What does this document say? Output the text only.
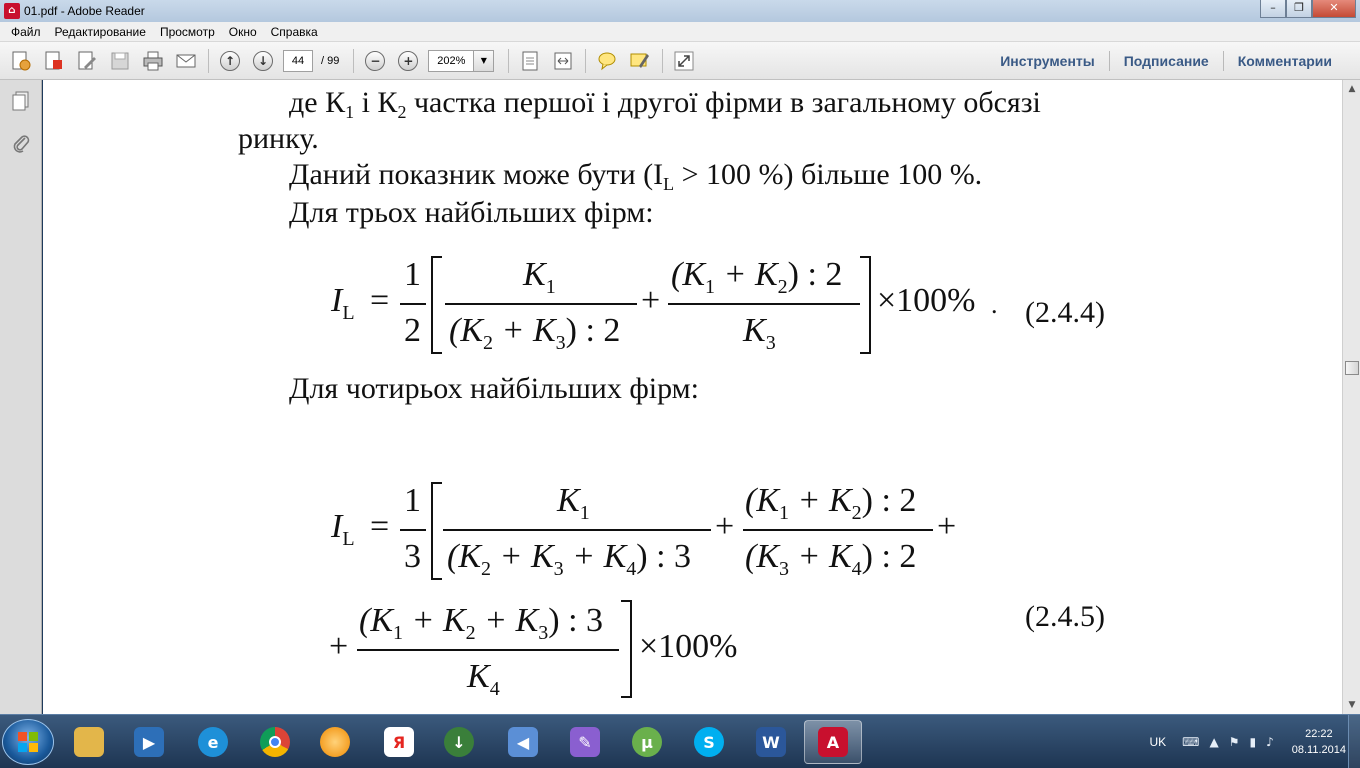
⌂ 01.pdf - Adobe Reader	–	❐	✕
Файл	Редактирование	Просмотр	Окно	Справка
↑	↓	44	/ 99	−	+	202%	▼	Инструменты	Подписание	Комментарии
де $К_1$ і $К_2$ частка першої і другої фірми в загальному обсязі
ринку.
Даний показник може бути ($I_L > 100$ %) більше 100 %.
Для трьох найбільших фірм:
$I_L$ =
1
2
$K_1$
$(K_2 + K_3)$ : 2
+
$(K_1 + K_2)$ : 2
$K_3$
×100% . (2.4.4)
Для чотирьох найбільших фірм:
$I_L$ =
1
3
$K_1$
$(K_2 + K_3 + K_4)$ : 3
+
$(K_1 + K_2)$ : 2
$(K_3 + K_4)$ : 2
+
+
$(K_1 + K_2 + K_3)$ : 3
$K_4$
×100%
(2.4.5)
▲
▼
▶	e	Я	↓	◀	✎	µ	S	W	A	UK ⌨ ▲ ⚑ ▮ ♪
22:22
08.11.2014
